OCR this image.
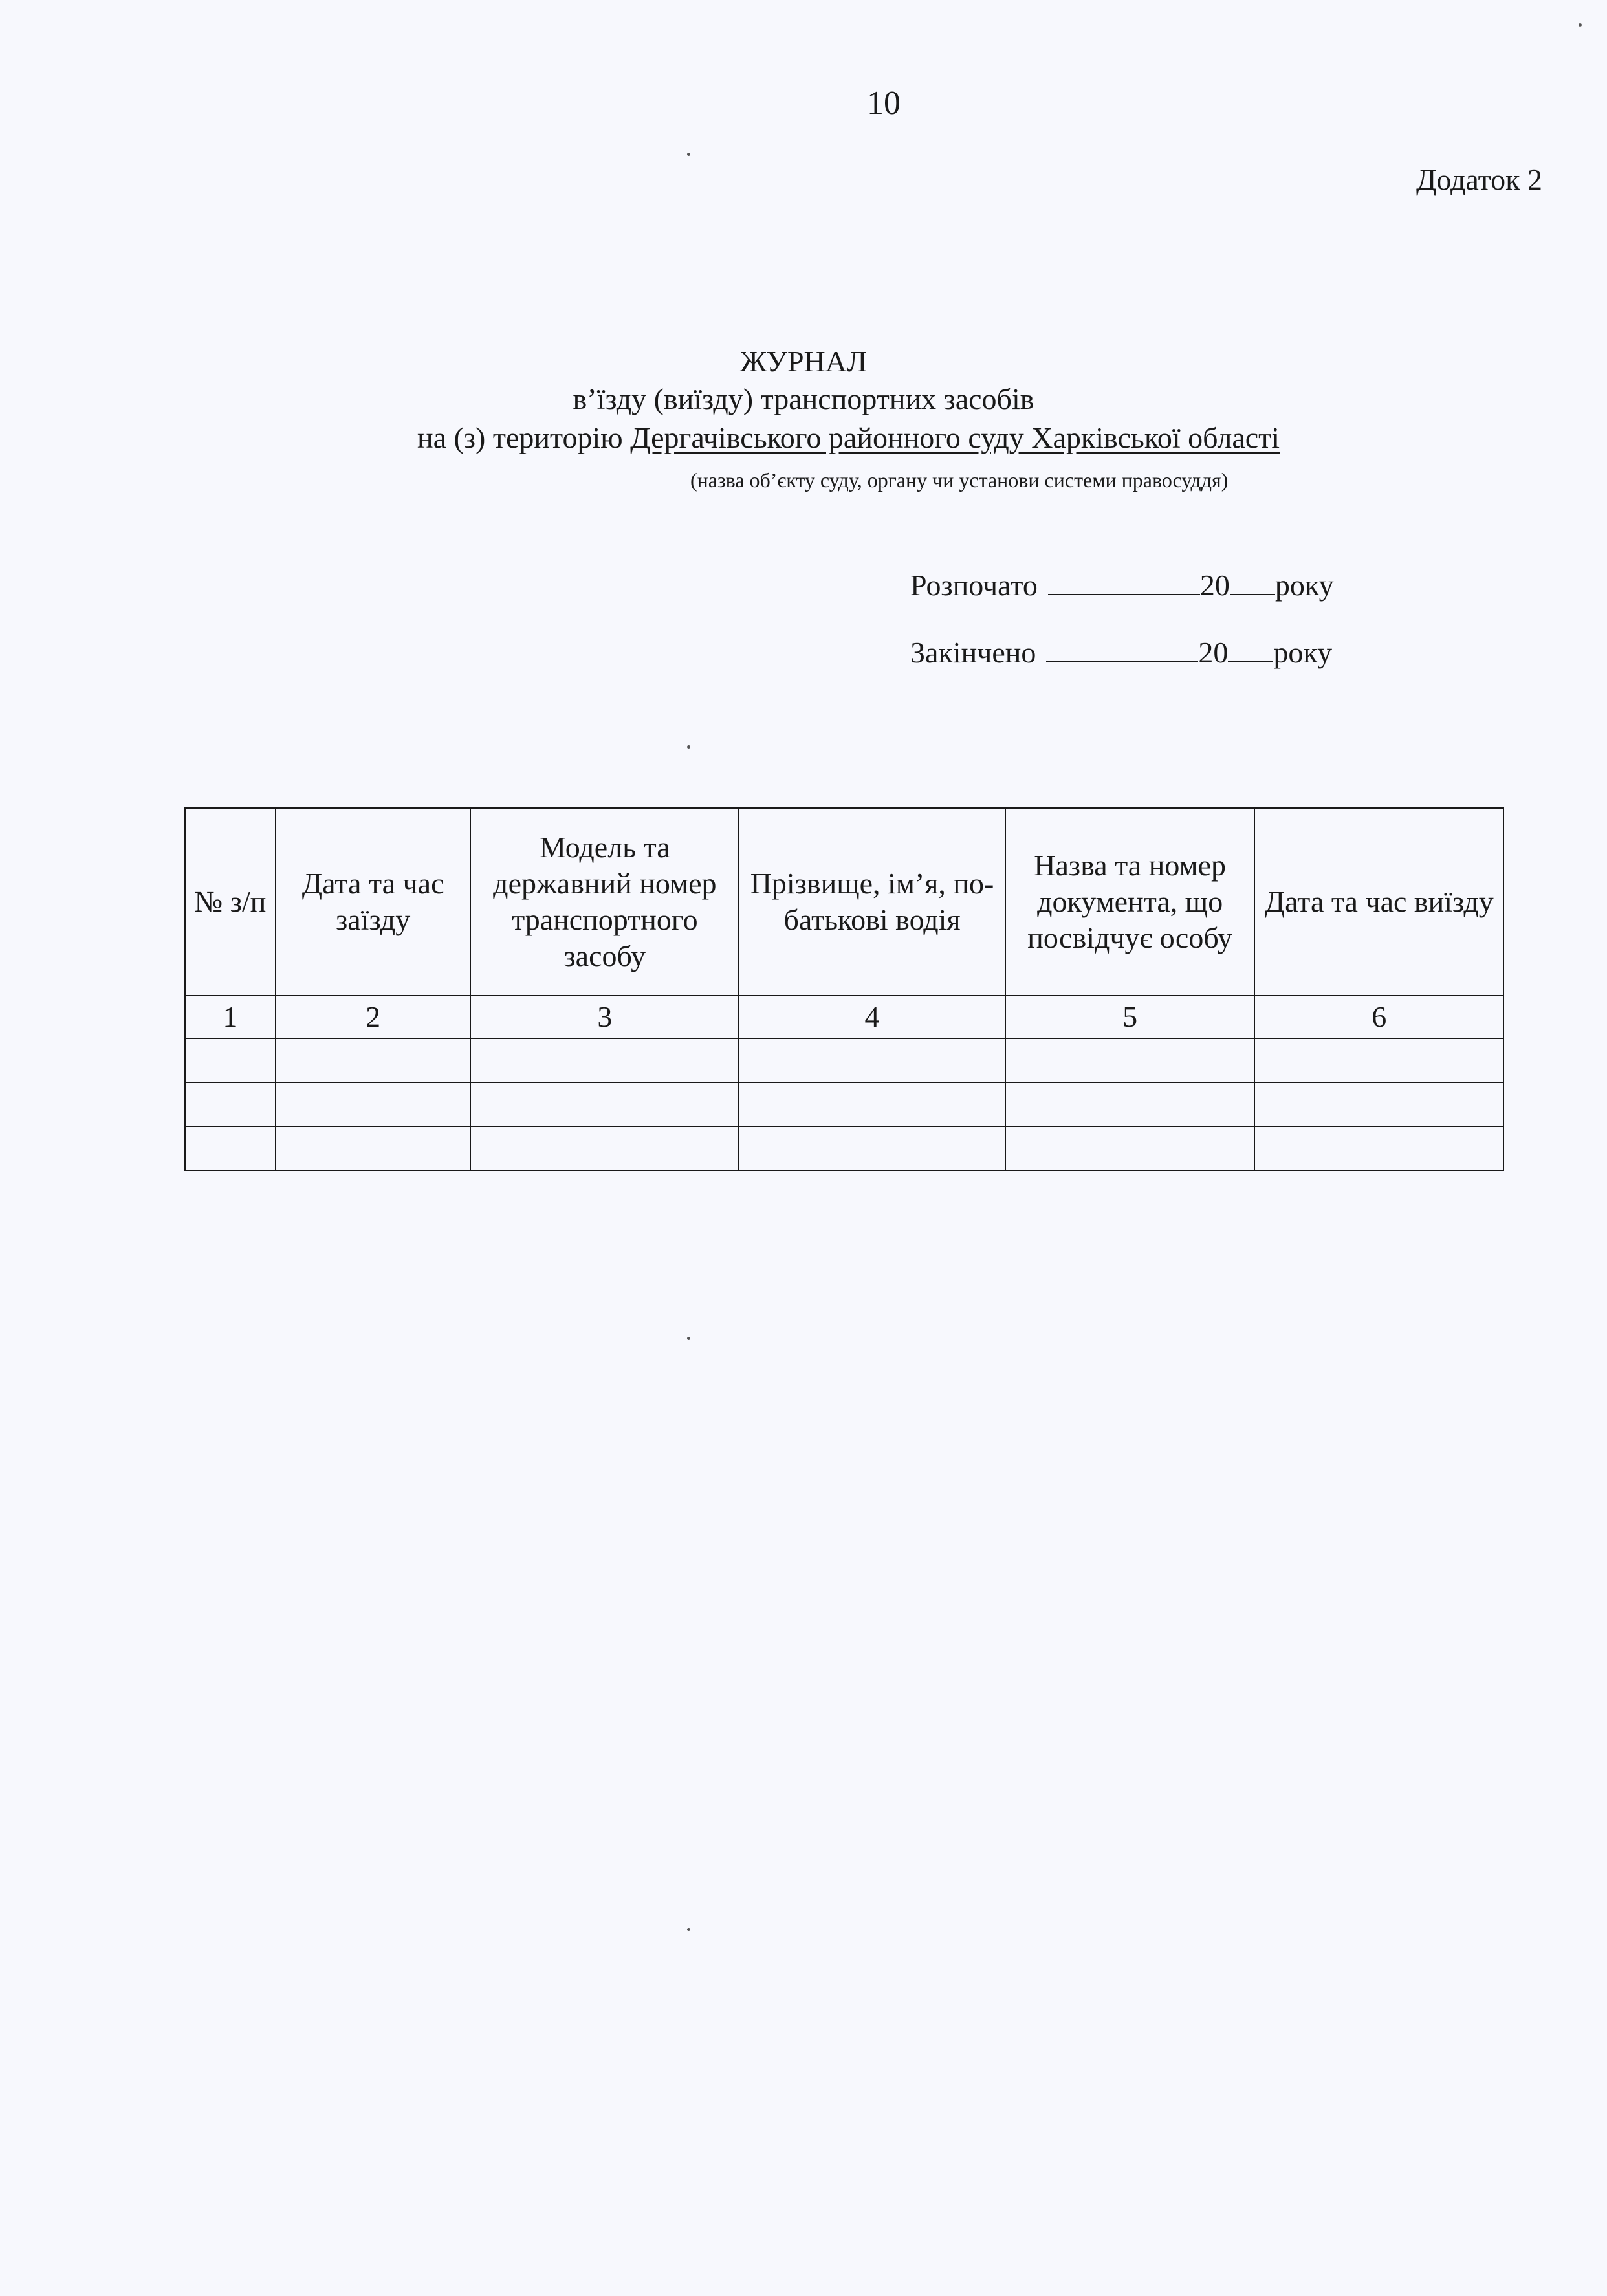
10
Додаток 2
ЖУРНАЛ
в’їзду (виїзду) транспортних засобів
на (з) територію Дергачівського районного суду Харківської області
(назва об’єкту суду, органу чи установи системи правосуддя)
Розпочато	20 року
Закінчено	20 року
№ з/п	Дата та час заїзду	Модель та державний номер транспортного засобу	Прізвище, ім’я, по-батькові водія	Назва та номер документа, що посвідчує особу	Дата та час виїзду
1	2	3	4	5	6
